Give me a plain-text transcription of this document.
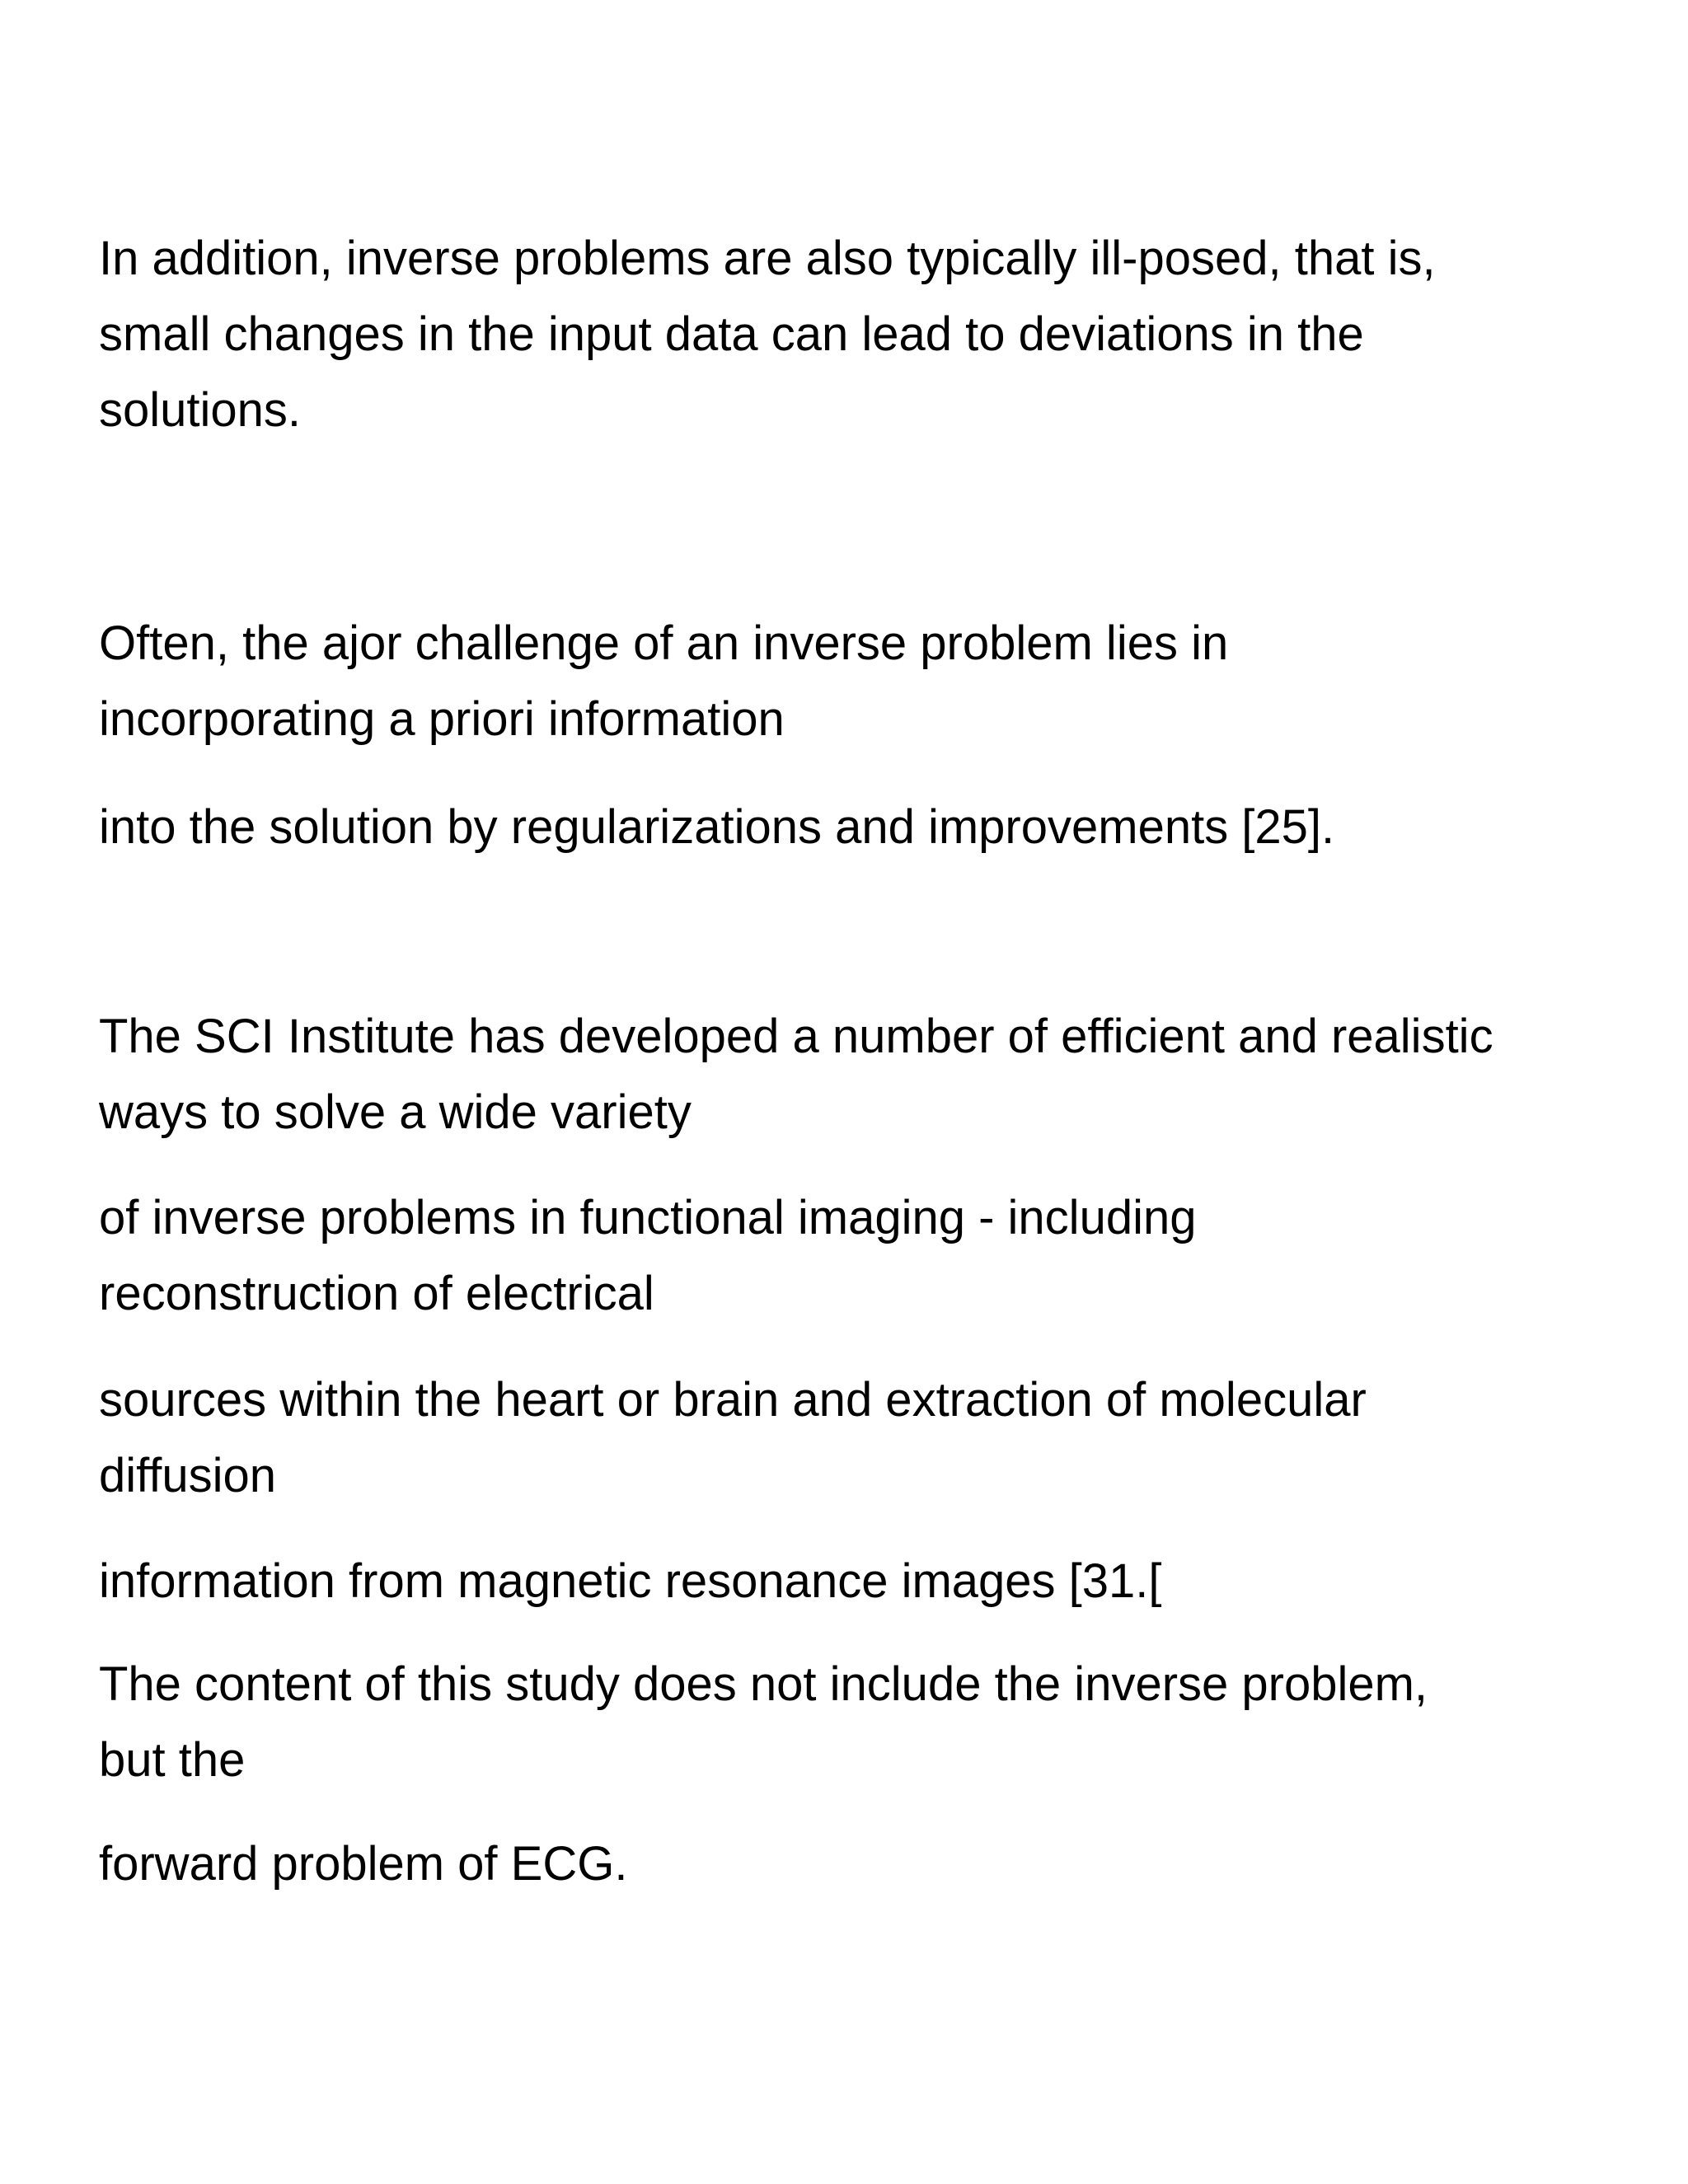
In addition, inverse problems are also typically ill-posed, that is,

small changes in the input data can lead to deviations in the

solutions.

Often, the ajor challenge of an inverse problem lies in

incorporating a priori information

into the solution by regularizations and improvements [25].

The SCI Institute has developed a number of efficient and realistic

ways to solve a wide variety

of inverse problems in functional imaging - including

reconstruction of electrical

sources within the heart or brain and extraction of molecular

diffusion

information from magnetic resonance images [31.[

The content of this study does not include the inverse problem,

but the

forward problem of ECG.
